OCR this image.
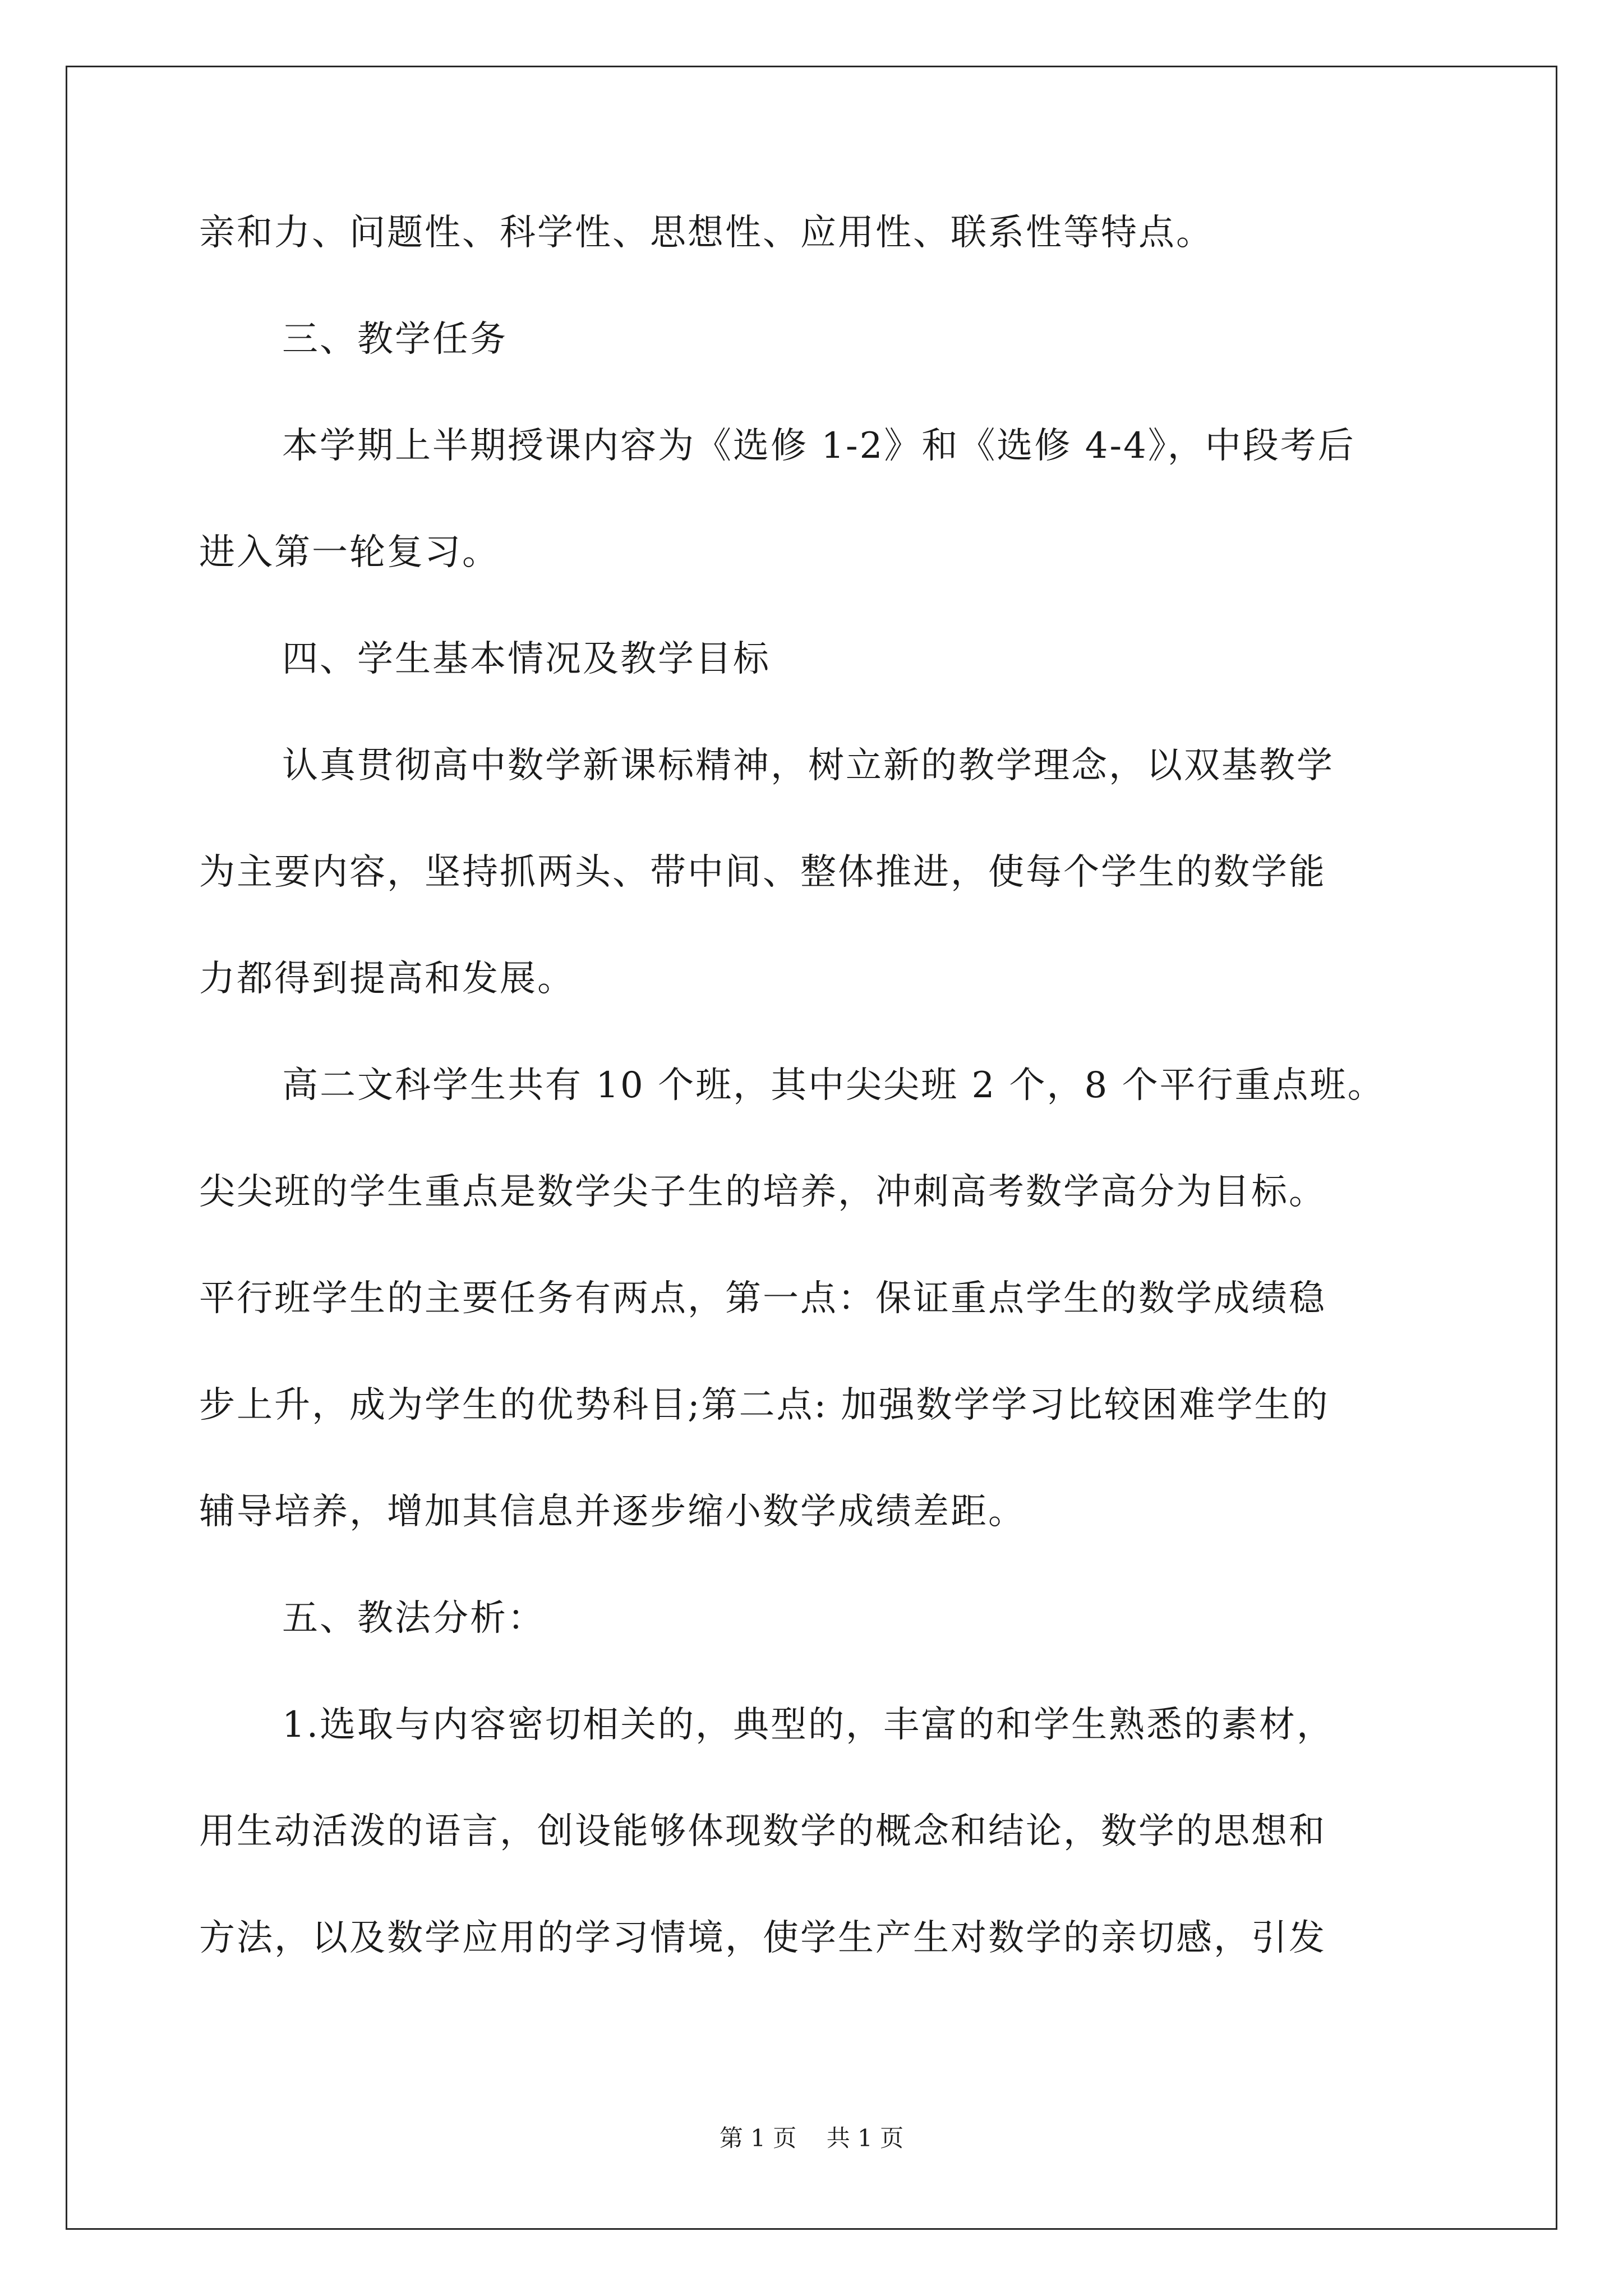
亲和力、问题性、科学性、思想性、应用性、联系性等特点。
三、教学任务
本学期上半期授课内容为《选修 1-2》和《选修 4-4》，中段考后
进入第一轮复习。
四、学生基本情况及教学目标
认真贯彻高中数学新课标精神，树立新的教学理念，以双基教学
为主要内容，坚持抓两头、带中间、整体推进，使每个学生的数学能
力都得到提高和发展。
高二文科学生共有 10 个班，其中尖尖班 2 个，8 个平行重点班。
尖尖班的学生重点是数学尖子生的培养，冲刺高考数学高分为目标。
平行班学生的主要任务有两点，第一点：保证重点学生的数学成绩稳
步上升，成为学生的优势科目;第二点: 加强数学学习比较困难学生的
辅导培养，增加其信息并逐步缩小数学成绩差距。
五、教法分析：
1.选取与内容密切相关的，典型的，丰富的和学生熟悉的素材，
用生动活泼的语言，创设能够体现数学的概念和结论，数学的思想和
方法，以及数学应用的学习情境，使学生产生对数学的亲切感，引发
第 1 页    共 1 页
